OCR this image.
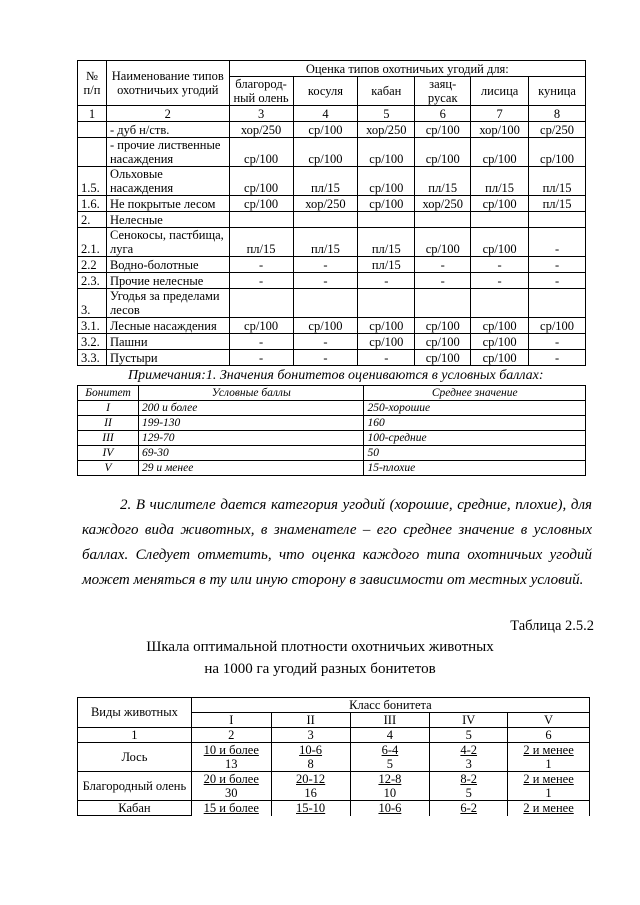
№ п/п	Наименование типов охотничьих угодий	Оценка типов охотничьих угодий для:					
		благород-ный олень	косуля	кабан	заяц-русак	лисица	куница
1	2	3	4	5	6	7	8
	- дуб н/ств.	хор/250	ср/100	хор/250	ср/100	хор/100	ср/250
	- прочие лиственные насаждения	ср/100	ср/100	ср/100	ср/100	ср/100	ср/100
1.5.	Ольховые насаждения	ср/100	пл/15	ср/100	пл/15	пл/15	пл/15
1.6.	Не покрытые лесом	ср/100	хор/250	ср/100	хор/250	ср/100	пл/15
2.	Нелесные						
2.1.	Сенокосы, пастбища, луга	пл/15	пл/15	пл/15	ср/100	ср/100	-
2.2	Водно-болотные	-	-	пл/15	-	-	-
2.3.	Прочие нелесные	-	-	-	-	-	-
3.	Угодья за пределами лесов						
3.1.	Лесные насаждения	ср/100	ср/100	ср/100	ср/100	ср/100	ср/100
3.2.	Пашни	-	-	ср/100	ср/100	ср/100	-
3.3.	Пустыри	-	-	-	ср/100	ср/100	-
Примечания:1. Значения бонитетов оцениваются в условных баллах:
Бонитет	Условные баллы	Среднее значение
I	200 и более	250-хорошие
II	199-130	160
III	129-70	100-средние
IV	69-30	50
V	29 и менее	15-плохие

2. В числителе дается категория угодий (хорошие, средние, плохие), для каждого вида животных, в знаменателе – его среднее значение в условных баллах. Следует отметить, что оценка каждого типа охотничьих угодий может меняться в ту или иную сторону в зависимости от местных условий.

Таблица 2.5.2
Шкала оптимальной плотности охотничьих животных
на 1000 га угодий разных бонитетов
Виды животных	Класс бонитета				
	I	II	III	IV	V
1	2	3	4	5	6
Лось	10 и более	10-6	6-4	4-2	2 и менее
	13	8	5	3	1
Благородный олень	20 и более	20-12	12-8	8-2	2 и менее
	30	16	10	5	1
Кабан	15 и более	15-10	10-6	6-2	2 и менее
